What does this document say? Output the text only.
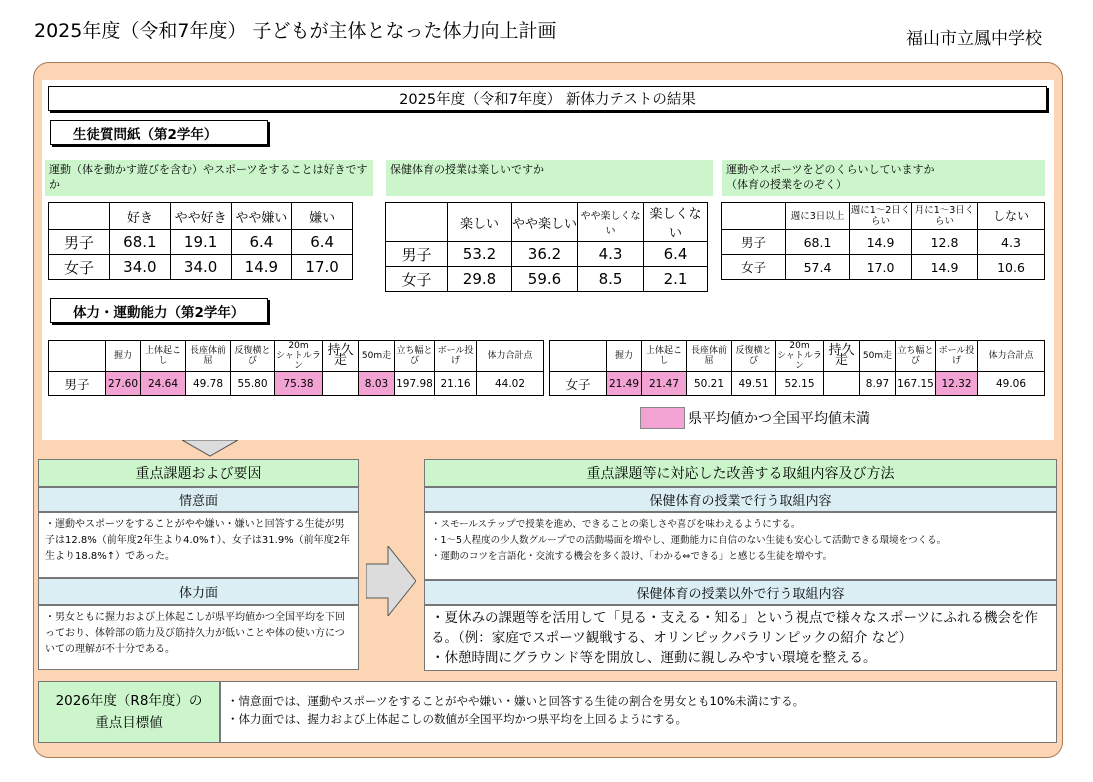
2025年度（令和7年度） 子どもが主体となった体力向上計画	福山市立鳳中学校
2025年度（令和7年度） 新体力テストの結果
生徒質問紙（第2学年）
運動（体を動かす遊びを含む）やスポーツをすることは好きですか
保健体育の授業は楽しいですか	運動やスポーツをどのくらいしていますか
（体育の授業をのぞく）
	好き	やや好き	やや嫌い	嫌い
男子	68.1	19.1	6.4	6.4
女子	34.0	34.0	14.9	17.0
	楽しい	やや楽しい	やや楽しくない	楽しくない
男子	53.2	36.2	4.3	6.4
女子	29.8	59.6	8.5	2.1
	週に3日以上	週に1～2日くらい	月に1～3日くらい	しない
男子	68.1	14.9	12.8	4.3
女子	57.4	17.0	14.9	10.6
体力・運動能力（第2学年）
	握力	上体起こし	長座体前屈	反復横とび	20m
シャトルラン	持久走	50m走	立ち幅とび	ボール投げ	体力合計点
男子	27.60	24.64	49.78	55.80	75.38		8.03	197.98	21.16	44.02
	握力	上体起こし	長座体前屈	反復横とび	20m
シャトルラン	持久走	50m走	立ち幅とび	ボール投げ	体力合計点
女子	21.49	21.47	50.21	49.51	52.15		8.97	167.15	12.32	49.06
県平均値かつ全国平均値未満
重点課題および要因
情意面
・運動やスポーツをすることがやや嫌い・嫌いと回答する生徒が男子は12.8%（前年度2年生より4.0%↑）、女子は31.9%（前年度2年生より18.8%↑）であった。
体力面
・男女ともに握力および上体起こしが県平均値かつ全国平均を下回っており、体幹部の筋力及び筋持久力が低いことや体の使い方についての理解が不十分である。
重点課題等に対応した改善する取組内容及び方法
保健体育の授業で行う取組内容
・スモールステップで授業を進め、できることの楽しさや喜びを味わえるようにする。
・1～5人程度の少人数グループでの活動場面を増やし、運動能力に自信のない生徒も安心して活動できる環境をつくる。
・運動のコツを言語化・交流する機会を多く設け、「わかる⇔できる」と感じる生徒を増やす。
保健体育の授業以外で行う取組内容
・夏休みの課題等を活用して「見る・支える・知る」という視点で様々なスポーツにふれる機会を作る。（例：家庭でスポーツ観戦する、オリンピックパラリンピックの紹介 など）
・休憩時間にグラウンド等を開放し、運動に親しみやすい環境を整える。
2026年度（R8年度）の
重点目標値
・情意面では、運動やスポーツをすることがやや嫌い・嫌いと回答する生徒の割合を男女とも10%未満にする。
・体力面では、握力および上体起こしの数値が全国平均かつ県平均を上回るようにする。
